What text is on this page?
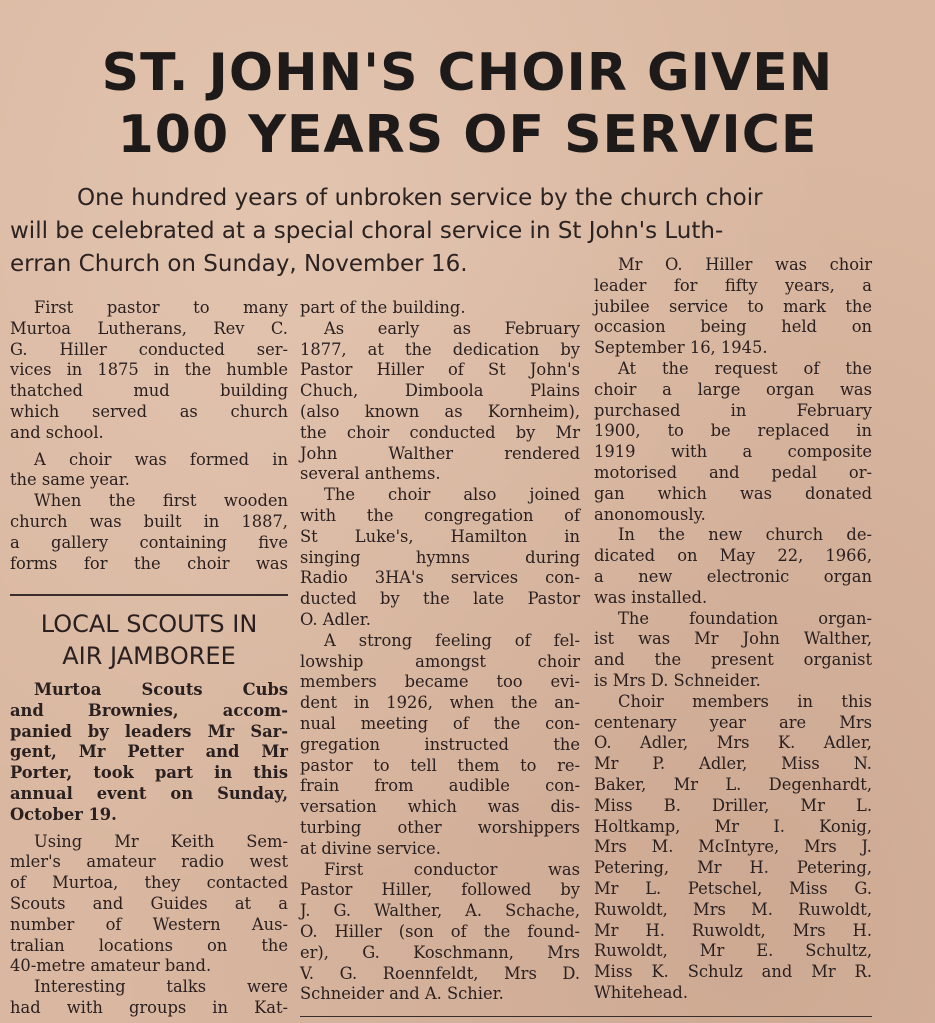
ST. JOHN'S CHOIR GIVEN
100 YEARS OF SERVICE

One hundred years of unbroken service by the church choir
will be celebrated at a special choral service in St John's Luth-
erran Church on Sunday, November 16.

First pastor to many
Murtoa Lutherans, Rev C.
G. Hiller conducted ser-
vices in 1875 in the humble
thatched mud building
which served as church
and school.

A choir was formed in
the same year.

When the first wooden
church was built in 1887,
a gallery containing five
forms for the choir was

LOCAL SCOUTS IN
AIR JAMBOREE

Murtoa Scouts Cubs
and Brownies, accom-
panied by leaders Mr Sar-
gent, Mr Petter and Mr
Porter, took part in this
annual event on Sunday,
October 19.

Using Mr Keith Sem-
mler's amateur radio west
of Murtoa, they contacted
Scouts and Guides at a
number of Western Aus-
tralian locations on the
40-metre amateur band.

Interesting talks were
had with groups in Kat-

part of the building.

As early as February
1877, at the dedication by
Pastor Hiller of St John's
Chuch, Dimboola Plains
(also known as Kornheim),
the choir conducted by Mr
John Walther rendered
several anthems.

The choir also joined
with the congregation of
St Luke's, Hamilton in
singing hymns during
Radio 3HA's services con-
ducted by the late Pastor
O. Adler.

A strong feeling of fel-
lowship amongst choir
members became too evi-
dent in 1926, when the an-
nual meeting of the con-
gregation instructed the
pastor to tell them to re-
frain from audible con-
versation which was dis-
turbing other worshippers
at divine service.

First conductor was
Pastor Hiller, followed by
J. G. Walther, A. Schache,
O. Hiller (son of the found-
er), G. Koschmann, Mrs
V. G. Roennfeldt, Mrs D.
Schneider and A. Schier.

Mr O. Hiller was choir
leader for fifty years, a
jubilee service to mark the
occasion being held on
September 16, 1945.

At the request of the
choir a large organ was
purchased in February
1900, to be replaced in
1919 with a composite
motorised and pedal or-
gan which was donated
anonomously.

In the new church de-
dicated on May 22, 1966,
a new electronic organ
was installed.

The foundation organ-
ist was Mr John Walther,
and the present organist
is Mrs D. Schneider.

Choir members in this
centenary year are Mrs
O. Adler, Mrs K. Adler,
Mr P. Adler, Miss N.
Baker, Mr L. Degenhardt,
Miss B. Driller, Mr L.
Holtkamp, Mr I. Konig,
Mrs M. McIntyre, Mrs J.
Petering, Mr H. Petering,
Mr L. Petschel, Miss G.
Ruwoldt, Mrs M. Ruwoldt,
Mr H. Ruwoldt, Mrs H.
Ruwoldt, Mr E. Schultz,
Miss K. Schulz and Mr R.
Whitehead.
